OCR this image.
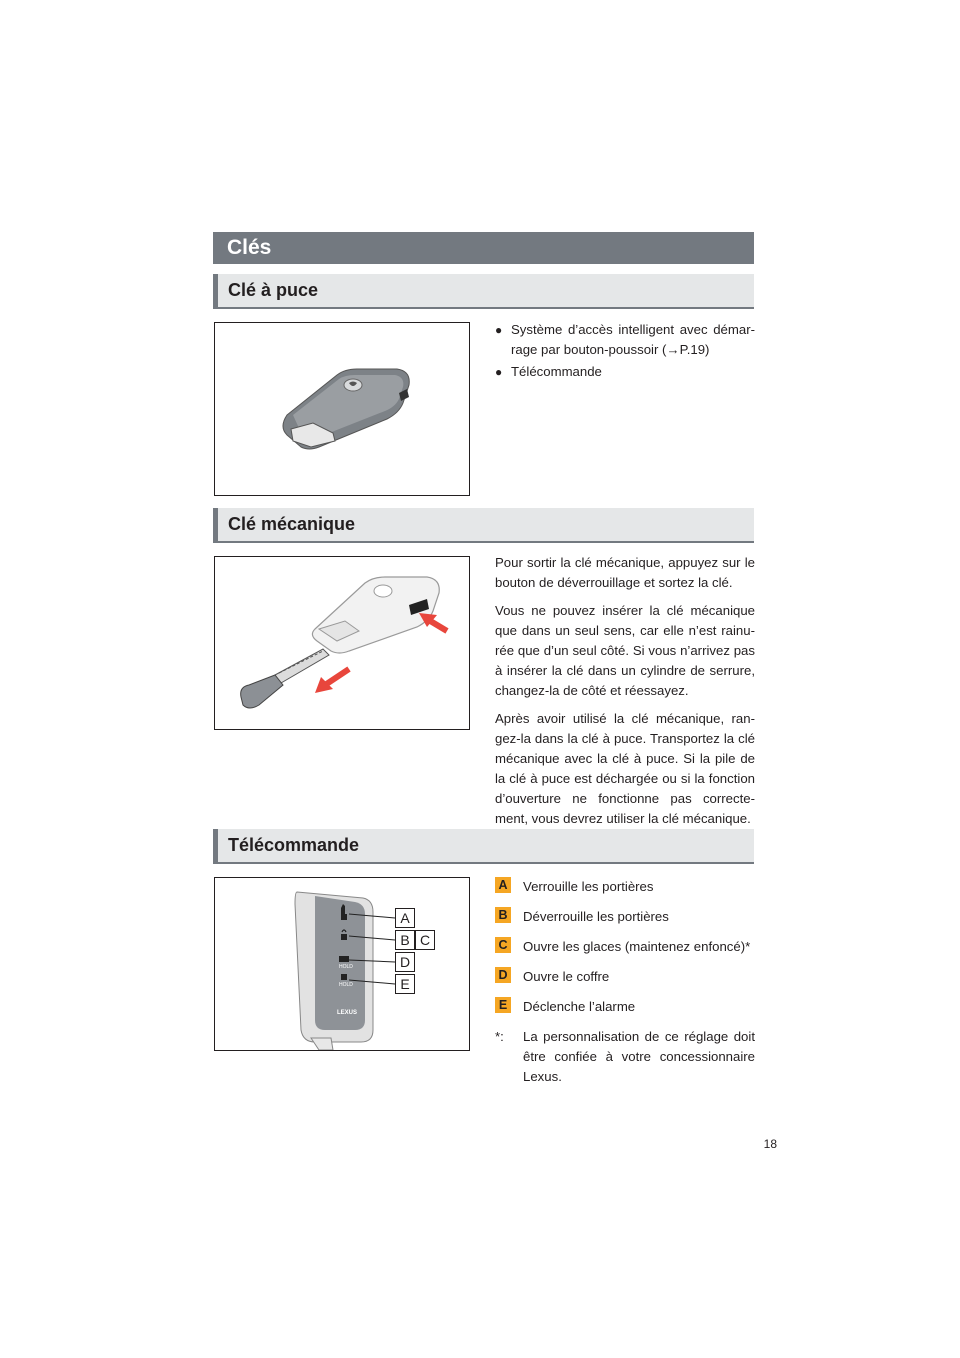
Clés
Clé à puce
● Système d’accès intelligent avec démar-rage par bouton-poussoir (→P.19)
● Télécommande
Clé mécanique

Pour sortir la clé mécanique, appuyez sur le bouton de déverrouillage et sortez la clé.

Vous ne pouvez insérer la clé mécanique que dans un seul sens, car elle n’est rainu-rée que d’un seul côté. Si vous n’arrivez pas à insérer la clé dans un cylindre de serrure, changez-la de côté et réessayez.

Après avoir utilisé la clé mécanique, ran-gez-la dans la clé à puce. Transportez la clé mécanique avec la clé à puce. Si la pile de la clé à puce est déchargée ou si la fonction d’ouverture ne fonctionne pas correcte-ment, vous devrez utiliser la clé mécanique.

Télécommande
HOLD
HOLD
LEXUS
A
B C
D
E
A Verrouille les portières
B Déverrouille les portières
C Ouvre les glaces (maintenez enfoncé)*
D Ouvre le coffre
E Déclenche l’alarme
*:	La personnalisation de ce réglage doit être confiée à votre concessionnaire Lexus.
18
